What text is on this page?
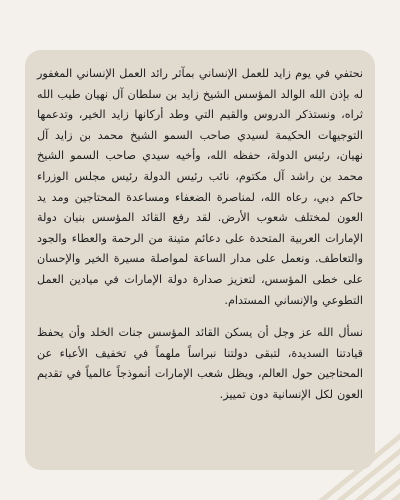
نحتفي في يوم زايد للعمل الإنساني بمآثر رائد العمل الإنساني المغفور له بإذن الله الوالد المؤسس الشيخ زايد بن سلطان آل نهيان طيب الله ثراه، ونستذكر الدروس والقيم التي وطد أركانها زايد الخير، وتدعمها التوجيهات الحكيمة لسيدي صاحب السمو الشيخ محمد بن زايد آل نهيان، رئيس الدولة، حفظه الله، وأخيه سيدي صاحب السمو الشيخ محمد بن راشد آل مكتوم، نائب رئيس الدولة رئيس مجلس الوزراء حاكم دبي، رعاه الله، لمناصرة الضعفاء ومساعدة المحتاجين ومد يد العون لمختلف شعوب الأرض. لقد رفع القائد المؤسس بنيان دولة الإمارات العربية المتحدة على دعائم متينة من الرحمة والعطاء والجود والتعاطف. ونعمل على مدار الساعة لمواصلة مسيرة الخير والإحسان على خطى المؤسس، لتعزيز صدارة دولة الإمارات في ميادين العمل التطوعي والإنساني المستدام.

نسأل الله عز وجل أن يسكن القائد المؤسس جنات الخلد وأن يحفظ قيادتنا السديدة، لتبقى دولتنا نبراساً ملهماً في تخفيف الأعباء عن المحتاجين حول العالم، ويظل شعب الإمارات أنموذجاً عالمياً في تقديم العون لكل الإنسانية دون تمييز.
